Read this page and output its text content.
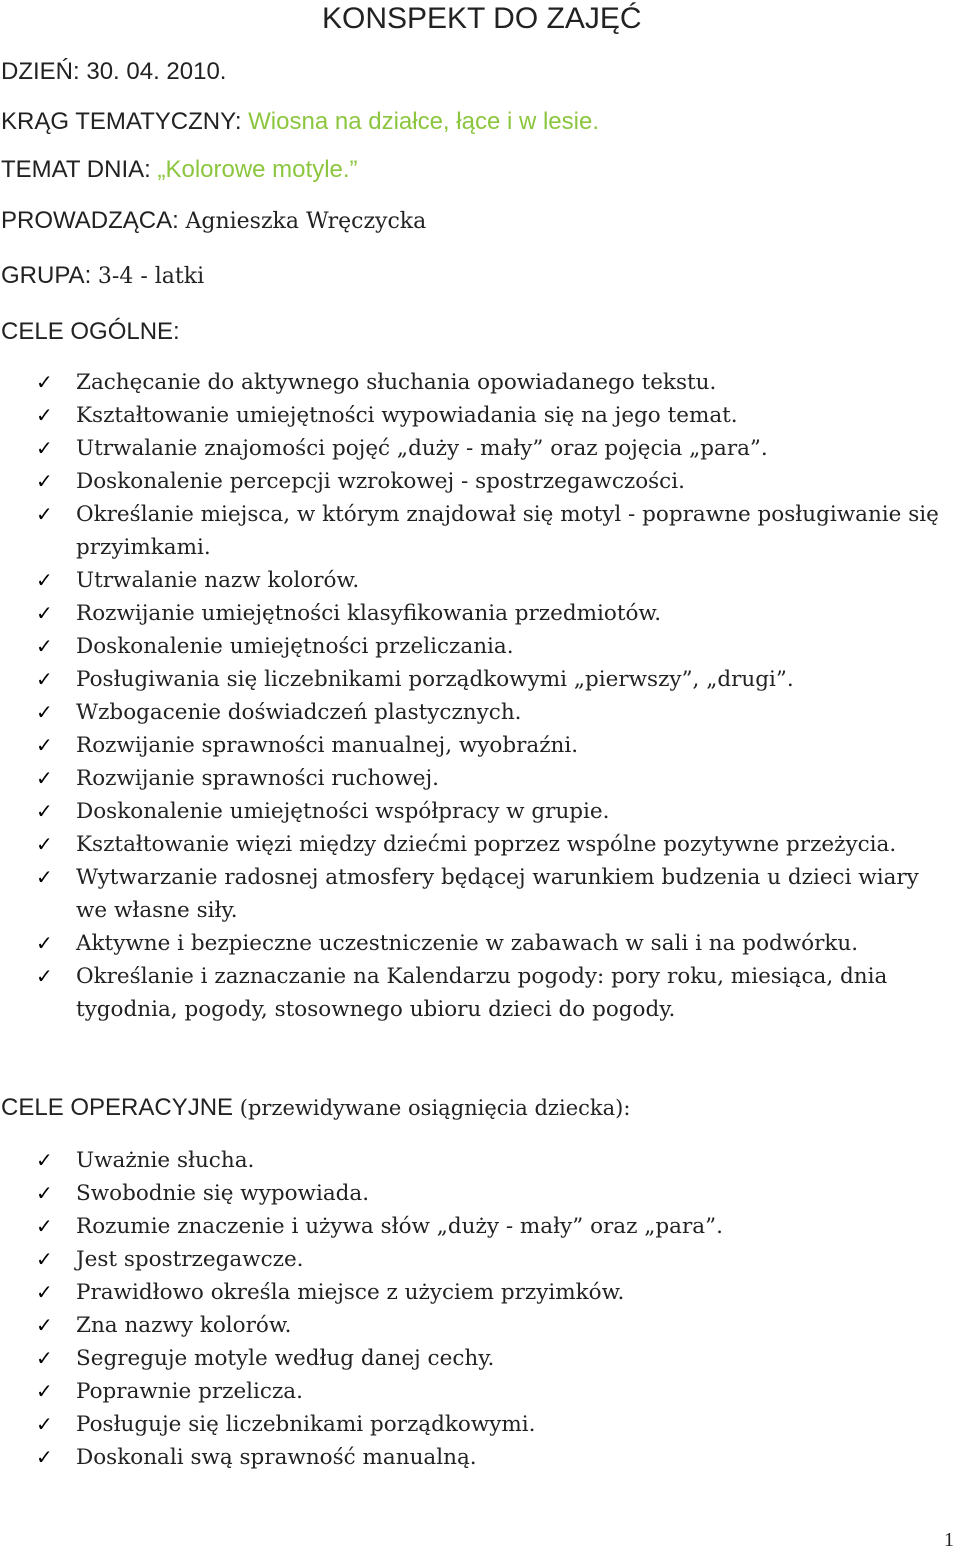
KONSPEKT DO ZAJĘĆ
DZIEŃ: 30. 04. 2010.
KRĄG TEMATYCZNY: Wiosna na działce, łące i w lesie.
TEMAT DNIA: „Kolorowe motyle.”
PROWADZĄCA: Agnieszka Wręczycka
GRUPA: 3-4 - latki
CELE OGÓLNE:
✓ Zachęcanie do aktywnego słuchania opowiadanego tekstu.
✓ Kształtowanie umiejętności wypowiadania się na jego temat.
✓ Utrwalanie znajomości pojęć „duży - mały” oraz pojęcia „para”.
✓ Doskonalenie percepcji wzrokowej - spostrzegawczości.
✓ Określanie miejsca, w którym znajdował się motyl - poprawne posługiwanie się przyimkami.
✓ Utrwalanie nazw kolorów.
✓ Rozwijanie umiejętności klasyfikowania przedmiotów.
✓ Doskonalenie umiejętności przeliczania.
✓ Posługiwania się liczebnikami porządkowymi „pierwszy”, „drugi”.
✓ Wzbogacenie doświadczeń plastycznych.
✓ Rozwijanie sprawności manualnej, wyobraźni.
✓ Rozwijanie sprawności ruchowej.
✓ Doskonalenie umiejętności współpracy w grupie.
✓ Kształtowanie więzi między dziećmi poprzez wspólne pozytywne przeżycia.
✓ Wytwarzanie radosnej atmosfery będącej warunkiem budzenia u dzieci wiary we własne siły.
✓ Aktywne i bezpieczne uczestniczenie w zabawach w sali i na podwórku.
✓ Określanie i zaznaczanie na Kalendarzu pogody: pory roku, miesiąca, dnia tygodnia, pogody, stosownego ubioru dzieci do pogody.
CELE OPERACYJNE (przewidywane osiągnięcia dziecka):
✓ Uważnie słucha.
✓ Swobodnie się wypowiada.
✓ Rozumie znaczenie i używa słów „duży - mały” oraz „para”.
✓ Jest spostrzegawcze.
✓ Prawidłowo określa miejsce z użyciem przyimków.
✓ Zna nazwy kolorów.
✓ Segreguje motyle według danej cechy.
✓ Poprawnie przelicza.
✓ Posługuje się liczebnikami porządkowymi.
✓ Doskonali swą sprawność manualną.
1
